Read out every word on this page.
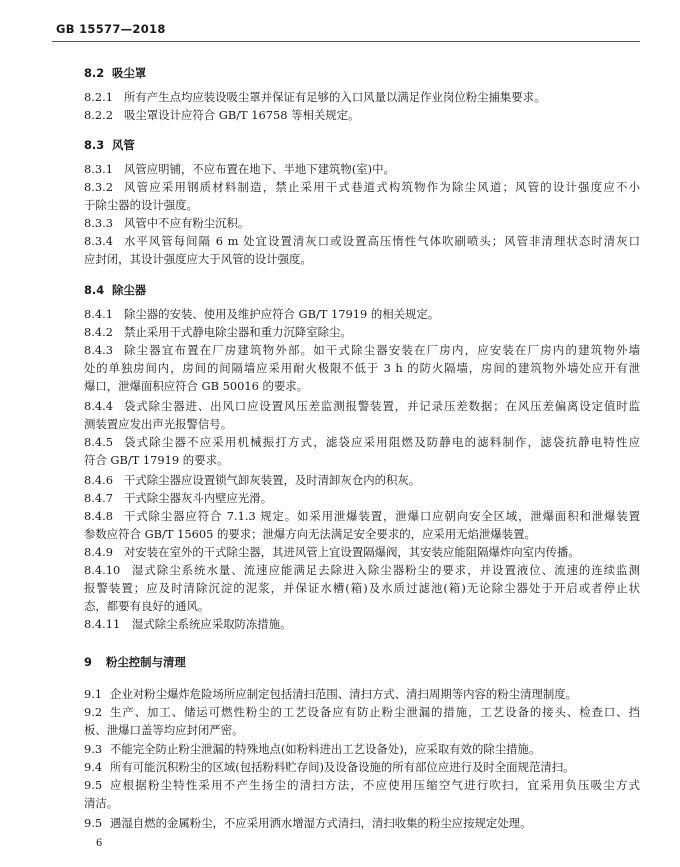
GB 15577—2018
8.2 吸尘罩
8.3 风管
8.4 除尘器
9 粉尘控制与清理
8.2.1 所有产生点均应装设吸尘罩并保证有足够的入口风量以满足作业岗位粉尘捕集要求。
8.2.2 吸尘罩设计应符合 GB/T 16758 等相关规定。
8.3.1 风管应明铺，不应布置在地下、半地下建筑物(室)中。
8.3.2 风管应采用钢质材料制造，禁止采用干式巷道式构筑物作为除尘风道；风管的设计强度应不小
于除尘器的设计强度。
8.3.3 风管中不应有粉尘沉积。
8.3.4 水平风管每间隔 6 m 处宜设置清灰口或设置高压惰性气体吹刷喷头；风管非清理状态时清灰口
应封闭，其设计强度应大于风管的设计强度。
8.4.1 除尘器的安装、使用及维护应符合 GB/T 17919 的相关规定。
8.4.2 禁止采用干式静电除尘器和重力沉降室除尘。
8.4.3 除尘器宜布置在厂房建筑物外部。如干式除尘器安装在厂房内，应安装在厂房内的建筑物外墙
处的单独房间内，房间的间隔墙应采用耐火极限不低于 3 h 的防火隔墙，房间的建筑物外墙处应开有泄
爆口，泄爆面积应符合 GB 50016 的要求。
8.4.4 袋式除尘器进、出风口应设置风压差监测报警装置，并记录压差数据；在风压差偏离设定值时监
测装置应发出声光报警信号。
8.4.5 袋式除尘器不应采用机械振打方式，滤袋应采用阻燃及防静电的滤料制作，滤袋抗静电特性应
符合 GB/T 17919 的要求。
8.4.6 干式除尘器应设置锁气卸灰装置，及时清卸灰仓内的积灰。
8.4.7 干式除尘器灰斗内壁应光滑。
8.4.8 干式除尘器应符合 7.1.3 规定。如采用泄爆装置，泄爆口应朝向安全区域，泄爆面积和泄爆装置
参数应符合 GB/T 15605 的要求；泄爆方向无法满足安全要求的，应采用无焰泄爆装置。
8.4.9 对安装在室外的干式除尘器，其进风管上宜设置隔爆阀，其安装应能阻隔爆炸向室内传播。
8.4.10 湿式除尘系统水量、流速应能满足去除进入除尘器粉尘的要求，并设置液位、流速的连续监测
报警装置；应及时清除沉淀的泥浆，并保证水槽(箱)及水质过滤池(箱)无论除尘器处于开启或者停止状
态，都要有良好的通风。
8.4.11 湿式除尘系统应采取防冻措施。
9.1 企业对粉尘爆炸危险场所应制定包括清扫范围、清扫方式、清扫周期等内容的粉尘清理制度。
9.2 生产、加工、储运可燃性粉尘的工艺设备应有防止粉尘泄漏的措施，工艺设备的接头、检查口、挡
板、泄爆口盖等均应封闭严密。
9.3 不能完全防止粉尘泄漏的特殊地点(如粉料进出工艺设备处)，应采取有效的除尘措施。
9.4 所有可能沉积粉尘的区域(包括粉料贮存间)及设备设施的所有部位应进行及时全面规范清扫。
9.5 应根据粉尘特性采用不产生扬尘的清扫方法，不应使用压缩空气进行吹扫，宜采用负压吸尘方式
清洁。
9.5 遇湿自燃的金属粉尘，不应采用洒水增湿方式清扫，清扫收集的粉尘应按规定处理。
6
